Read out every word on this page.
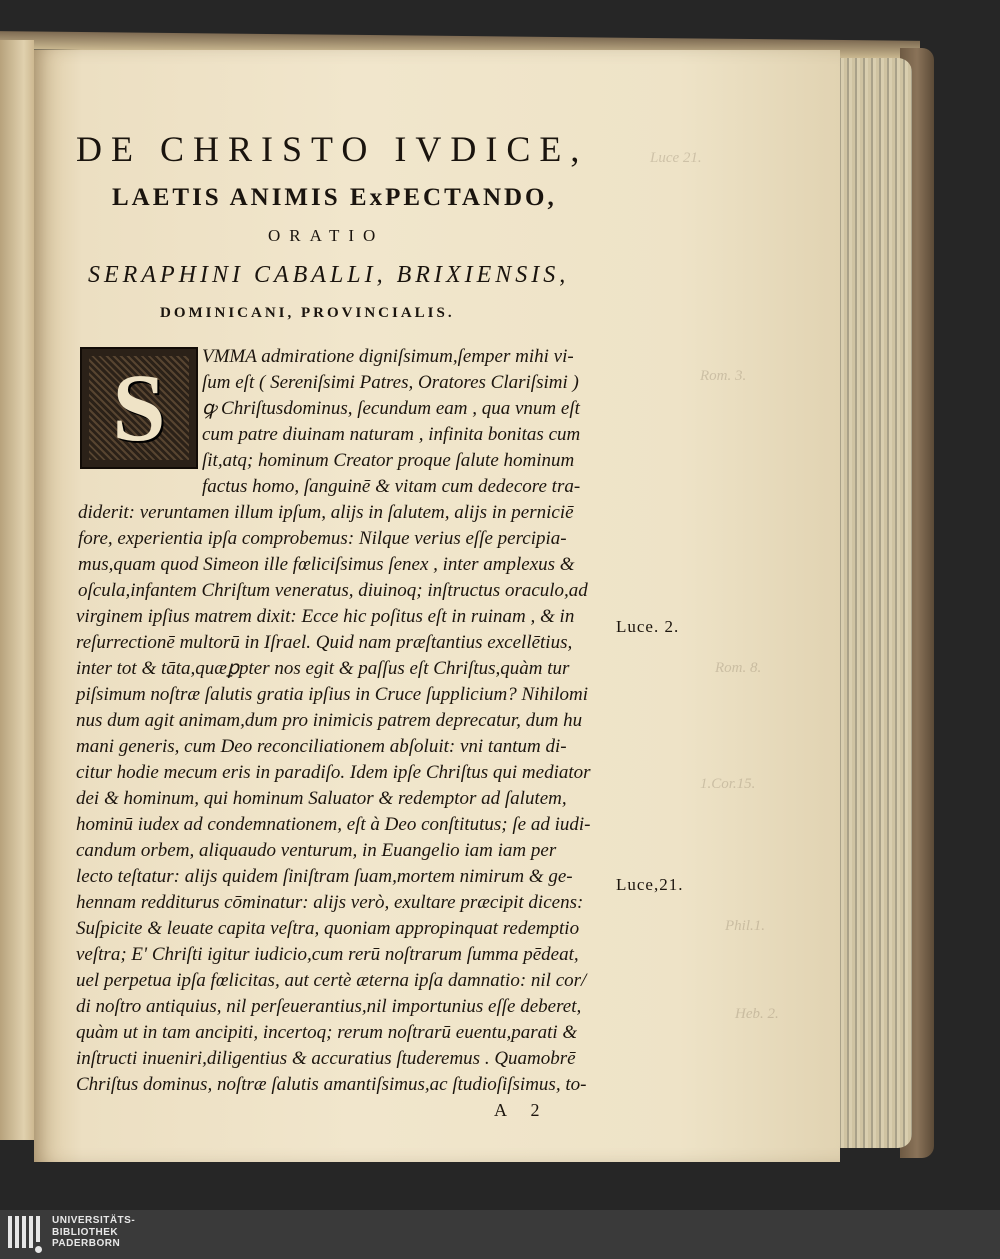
Luce 21.
Rom. 3.
Rom. 8.
1.Cor.15.
Phil.1.
Heb. 2.
DE CHRISTO IVDICE,
LAETIS ANIMIS ExPECTANDO,
ORATIO
SERAPHINI CABALLI, BRIXIENSIS,
DOMINICANI, PROVINCIALIS.
S VMMA admiratione digniſsimum,ſemper mihi vi-
ſum eſt ( Sereniſsimi Patres, Oratores Clariſsimi )
ꝙ Chriſtusdominus, ſecundum eam , qua vnum eſt
cum patre diuinam naturam , infinita bonitas cum
ſit,atq; hominum Creator proque ſalute hominum
factus homo, ſanguinē & vitam cum dedecore tra-
diderit: veruntamen illum ipſum, alijs in ſalutem, alijs in perniciē
fore, experientia ipſa comprobemus: Nilque verius eſſe percipia-
mus,quam quod Simeon ille fœliciſsimus ſenex , inter amplexus &
oſcula,infantem Chriſtum veneratus, diuinoq; inſtructus oraculo,ad
virginem ipſius matrem dixit: Ecce hic poſitus eſt in ruinam , & in
reſurrectionē multorū in Iſrael. Quid nam præſtantius excellētius,
inter tot & tāta,quæꝑpter nos egit & paſſus eſt Chriſtus,quàm tur
piſsimum noſtræ ſalutis gratia ipſius in Cruce ſupplicium? Nihilomi
nus dum agit animam,dum pro inimicis patrem deprecatur, dum hu
mani generis, cum Deo reconciliationem abſoluit: vni tantum di-
citur hodie mecum eris in paradiſo. Idem ipſe Chriſtus qui mediator
dei & hominum, qui hominum Saluator & redemptor ad ſalutem,
hominū iudex ad condemnationem, eſt à Deo conſtitutus; ſe ad iudi-
candum orbem, aliquaudo venturum, in Euangelio iam iam per
lecto teſtatur: alijs quidem ſiniſtram ſuam,mortem nimirum & ge-
hennam redditurus cōminatur: alijs verò, exultare præcipit dicens:
Suſpicite & leuate capita veſtra, quoniam appropinquat redemptio
veſtra; E' Chriſti igitur iudicio,cum rerū noſtrarum ſumma pēdeat,
uel perpetua ipſa fœlicitas, aut certè æterna ipſa damnatio: nil cor/
di noſtro antiquius, nil perſeuerantius,nil importunius eſſe deberet,
quàm ut in tam ancipiti, incertoq; rerum noſtrarū euentu,parati &
inſtructi inueniri,diligentius & accuratius ſtuderemus . Quamobrē
Chriſtus dominus, noſtræ ſalutis amantiſsimus,ac ſtudioſiſsimus, to-
Luce. 2.
Luce,21.
A 2
UNIVERSITÄTS-
BIBLIOTHEK
PADERBORN
